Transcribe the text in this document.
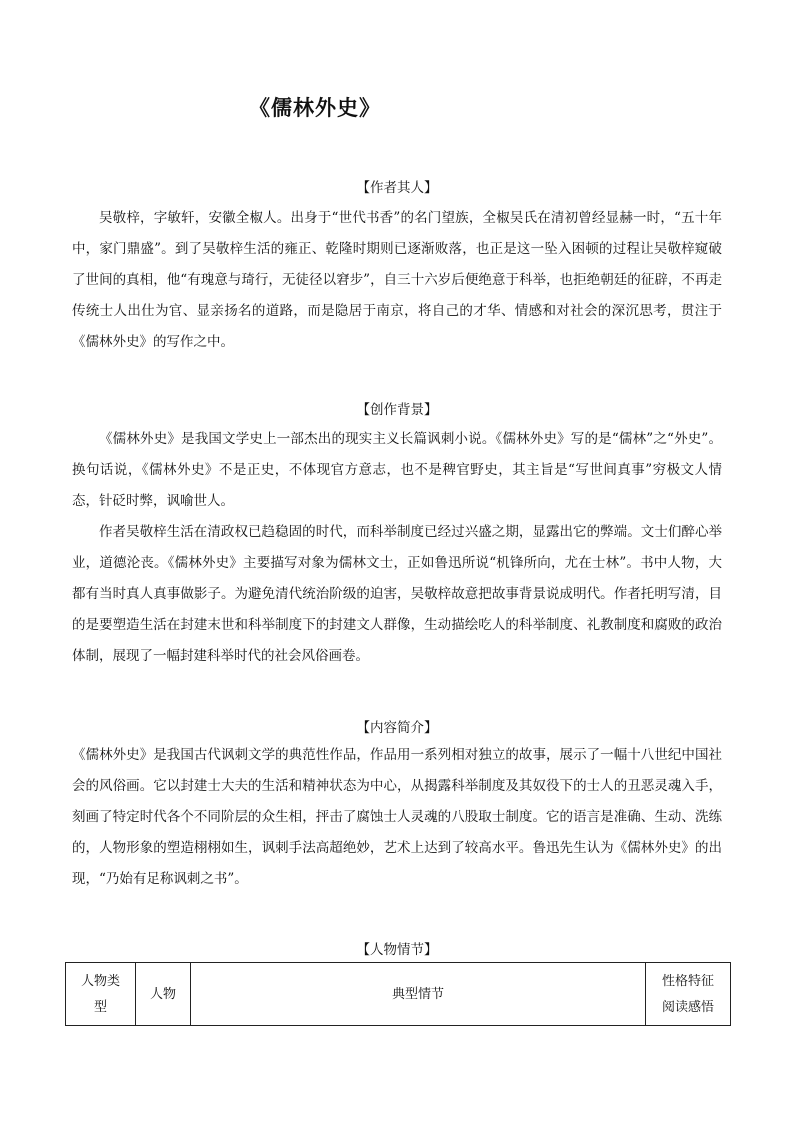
《儒林外史》
【作者其人】

吴敬梓，字敏轩，安徽全椒人。出身于“世代书香”的名门望族，全椒吴氏在清初曾经显赫一时，“五十年中，家门鼎盛”。到了吴敬梓生活的雍正、乾隆时期则已逐渐败落，也正是这一坠入困顿的过程让吴敬梓窥破了世间的真相，他“有瑰意与琦行，无徒径以窘步”，自三十六岁后便绝意于科举，也拒绝朝廷的征辟，不再走传统士人出仕为官、显亲扬名的道路，而是隐居于南京，将自己的才华、情感和对社会的深沉思考，贯注于《儒林外史》的写作之中。

【创作背景】

《儒林外史》是我国文学史上一部杰出的现实主义长篇讽刺小说。《儒林外史》写的是“儒林”之“外史”。换句话说，《儒林外史》不是正史，不体现官方意志，也不是稗官野史，其主旨是“写世间真事”穷极文人情态，针砭时弊，讽喻世人。

作者吴敬梓生活在清政权已趋稳固的时代，而科举制度已经过兴盛之期，显露出它的弊端。文士们醉心举业，道德沦丧。《儒林外史》主要描写对象为儒林文士，正如鲁迅所说“机锋所向，尤在士林”。书中人物，大都有当时真人真事做影子。为避免清代统治阶级的迫害，吴敬梓故意把故事背景说成明代。作者托明写清，目的是要塑造生活在封建末世和科举制度下的封建文人群像，生动描绘吃人的科举制度、礼教制度和腐败的政治体制，展现了一幅封建科举时代的社会风俗画卷。

【内容简介】

《儒林外史》是我国古代讽刺文学的典范性作品，作品用一系列相对独立的故事，展示了一幅十八世纪中国社会的风俗画。它以封建士大夫的生活和精神状态为中心，从揭露科举制度及其奴役下的士人的丑恶灵魂入手，刻画了特定时代各个不同阶层的众生相，抨击了腐蚀士人灵魂的八股取士制度。它的语言是准确、生动、洗练的，人物形象的塑造栩栩如生，讽刺手法高超绝妙，艺术上达到了较高水平。鲁迅先生认为《儒林外史》的出现，“乃始有足称讽刺之书”。

【人物情节】
人物类型	人物	典型情节	性格特征阅读感悟
